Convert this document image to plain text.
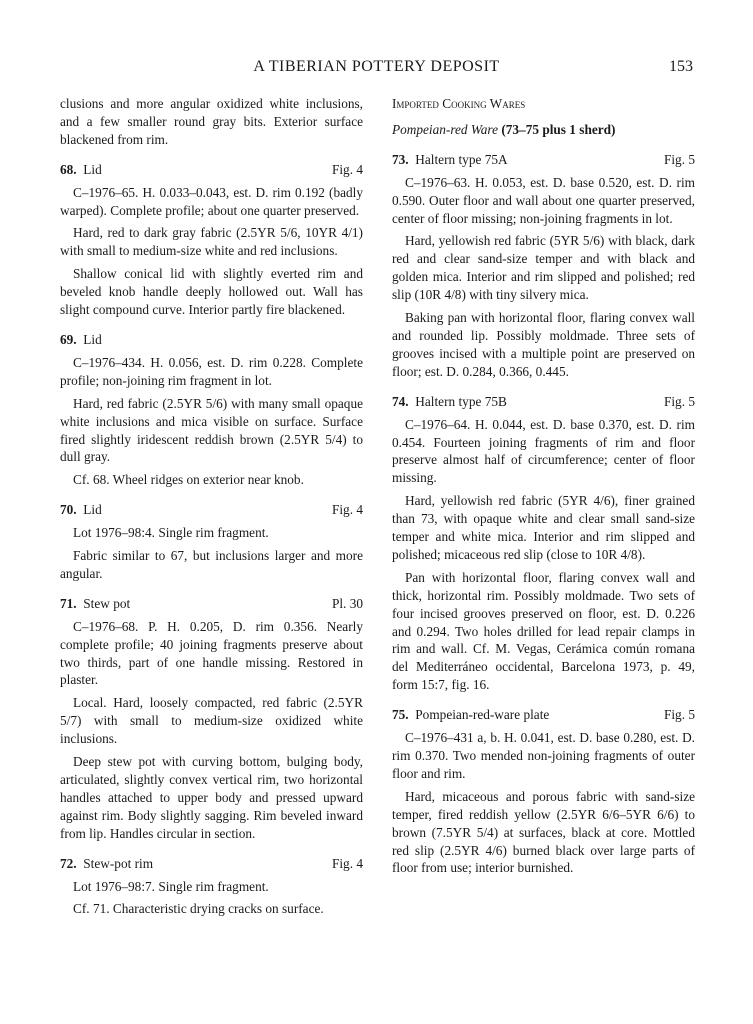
A TIBERIAN POTTERY DEPOSIT	153

clusions and more angular oxidized white inclusions, and a few smaller round gray bits. Exterior surface blackened from rim.

68. Lid	Fig. 4

C–1976–65. H. 0.033–0.043, est. D. rim 0.192 (badly warped). Complete profile; about one quarter preserved.

Hard, red to dark gray fabric (2.5YR 5/6, 10YR 4/1) with small to medium-size white and red inclusions.

Shallow conical lid with slightly everted rim and beveled knob handle deeply hollowed out. Wall has slight compound curve. Interior partly fire blackened.

69. Lid

C–1976–434. H. 0.056, est. D. rim 0.228. Complete profile; non-joining rim fragment in lot.

Hard, red fabric (2.5YR 5/6) with many small opaque white inclusions and mica visible on surface. Surface fired slightly iridescent reddish brown (2.5YR 5/4) to dull gray.

Cf. 68. Wheel ridges on exterior near knob.

70. Lid	Fig. 4

Lot 1976–98:4. Single rim fragment.

Fabric similar to 67, but inclusions larger and more angular.

71. Stew pot	Pl. 30

C–1976–68. P. H. 0.205, D. rim 0.356. Nearly complete profile; 40 joining fragments preserve about two thirds, part of one handle missing. Restored in plaster.

Local. Hard, loosely compacted, red fabric (2.5YR 5/7) with small to medium-size oxidized white inclusions.

Deep stew pot with curving bottom, bulging body, articulated, slightly convex vertical rim, two horizontal handles attached to upper body and pressed upward against rim. Body slightly sagging. Rim beveled inward from lip. Handles circular in section.

72. Stew-pot rim	Fig. 4

Lot 1976–98:7. Single rim fragment.

Cf. 71. Characteristic drying cracks on surface.

Imported Cooking Wares
Pompeian-red Ware (73–75 plus 1 sherd)
73. Haltern type 75A	Fig. 5

C–1976–63. H. 0.053, est. D. base 0.520, est. D. rim 0.590. Outer floor and wall about one quarter preserved, center of floor missing; non-joining fragments in lot.

Hard, yellowish red fabric (5YR 5/6) with black, dark red and clear sand-size temper and with black and golden mica. Interior and rim slipped and polished; red slip (10R 4/8) with tiny silvery mica.

Baking pan with horizontal floor, flaring convex wall and rounded lip. Possibly moldmade. Three sets of grooves incised with a multiple point are preserved on floor; est. D. 0.284, 0.366, 0.445.

74. Haltern type 75B	Fig. 5

C–1976–64. H. 0.044, est. D. base 0.370, est. D. rim 0.454. Fourteen joining fragments of rim and floor preserve almost half of circumference; center of floor missing.

Hard, yellowish red fabric (5YR 4/6), finer grained than 73, with opaque white and clear small sand-size temper and white mica. Interior and rim slipped and polished; micaceous red slip (close to 10R 4/8).

Pan with horizontal floor, flaring convex wall and thick, horizontal rim. Possibly moldmade. Two sets of four incised grooves preserved on floor, est. D. 0.226 and 0.294. Two holes drilled for lead repair clamps in rim and wall. Cf. M. Vegas, Cerámica común romana del Mediterráneo occidental, Barcelona 1973, p. 49, form 15:7, fig. 16.

75. Pompeian-red-ware plate	Fig. 5

C–1976–431 a, b. H. 0.041, est. D. base 0.280, est. D. rim 0.370. Two mended non-joining fragments of outer floor and rim.

Hard, micaceous and porous fabric with sand-size temper, fired reddish yellow (2.5YR 6/6–5YR 6/6) to brown (7.5YR 5/4) at surfaces, black at core. Mottled red slip (2.5YR 4/6) burned black over large parts of floor from use; interior burnished.
